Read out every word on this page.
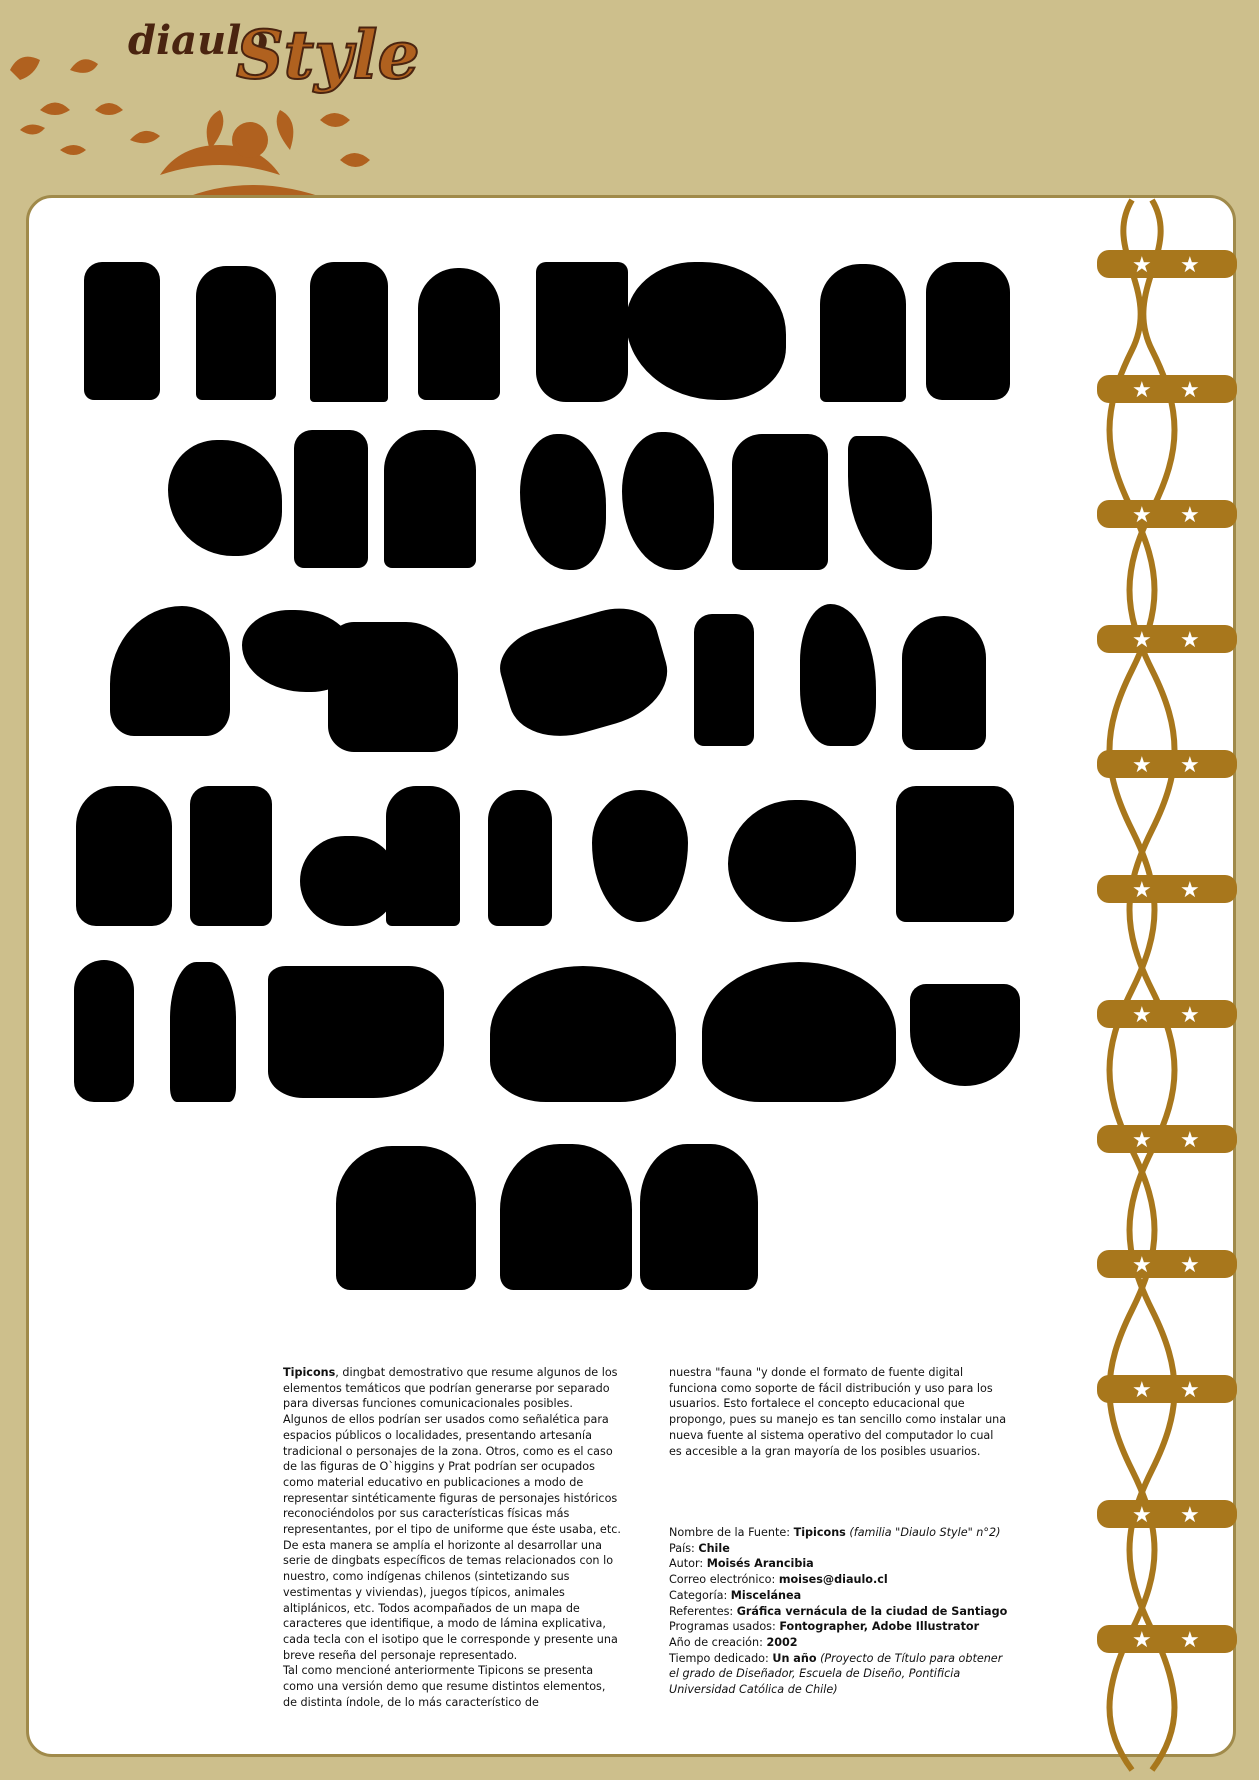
diaulo
Style
★ ★
★ ★
★ ★
★ ★
★ ★
★ ★
★ ★
★ ★
★ ★
★ ★
★ ★
★ ★
Tipicons, dingbat demostrativo que resume algunos de los elementos temáticos que podrían generarse por separado para diversas funciones comunicacionales posibles. Algunos de ellos podrían ser usados como señalética para espacios públicos o localidades, presentando artesanía tradicional o personajes de la zona. Otros, como es el caso de las figuras de O`higgins y Prat podrían ser ocupados como material educativo en publicaciones a modo de representar sintéticamente figuras de personajes históricos reconociéndolos por sus características físicas más representantes, por el tipo de uniforme que éste usaba, etc. De esta manera se amplía el horizonte al desarrollar una serie de dingbats específicos de temas relacionados con lo nuestro, como indígenas chilenos (sintetizando sus vestimentas y viviendas), juegos típicos, animales altiplánicos, etc. Todos acompañados de un mapa de caracteres que identifique, a modo de lámina explicativa, cada tecla con el isotipo que le corresponde y presente una breve reseña del personaje representado.
Tal como mencioné anteriormente Tipicons se presenta como una versión demo que resume distintos elementos, de distinta índole, de lo más característico de
nuestra "fauna "y donde el formato de fuente digital funciona como soporte de fácil distribución y uso para los usuarios. Esto fortalece el concepto educacional que propongo, pues su manejo es tan sencillo como instalar una nueva fuente al sistema operativo del computador lo cual es accesible a la gran mayoría de los posibles usuarios.
Nombre de la Fuente: Tipicons (familia "Diaulo Style" n°2)
País: Chile
Autor: Moisés Arancibia
Correo electrónico: moises@diaulo.cl
Categoría: Miscelánea
Referentes: Gráfica vernácula de la ciudad de Santiago
Programas usados: Fontographer, Adobe Illustrator
Año de creación: 2002
Tiempo dedicado: Un año (Proyecto de Título para obtener el grado de Diseñador, Escuela de Diseño, Pontificia Universidad Católica de Chile)
